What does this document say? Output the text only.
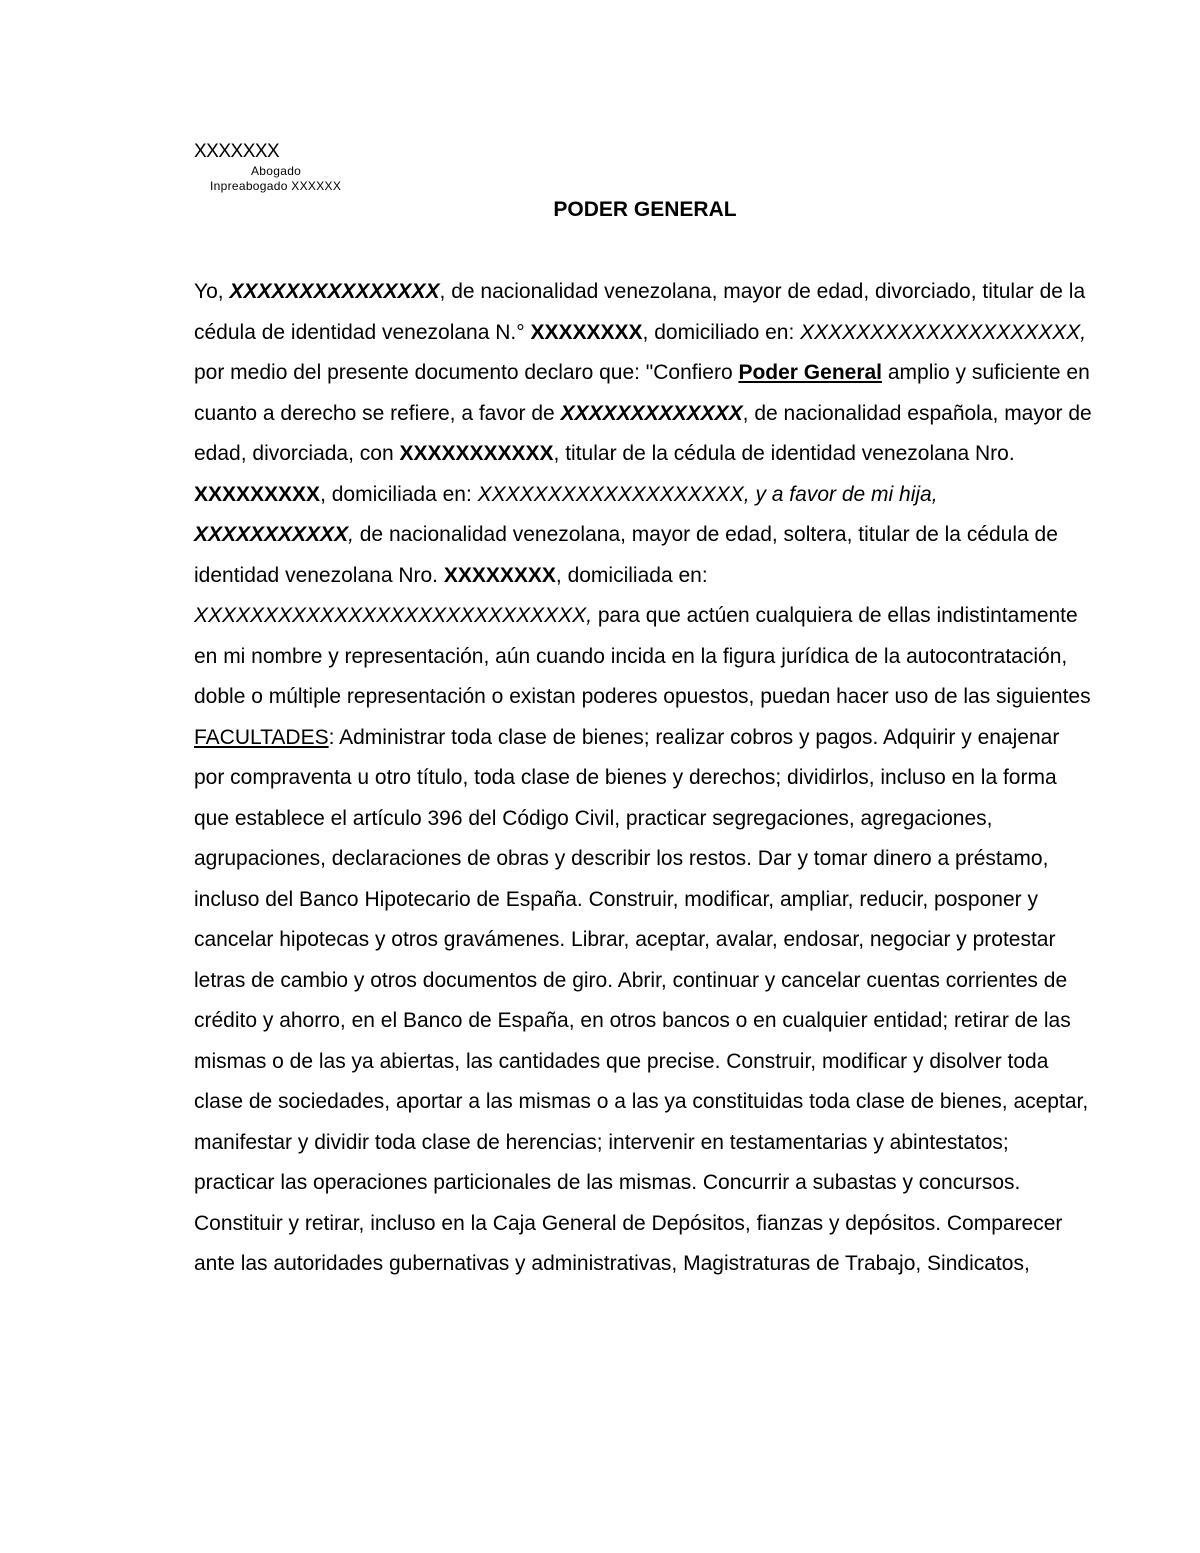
XXXXXXX
Abogado
Inpreabogado XXXXXX
PODER GENERAL

Yo, XXXXXXXXXXXXXXX, de nacionalidad venezolana, mayor de edad, divorciado, titular de la cédula de identidad venezolana N.° XXXXXXXX, domiciliado en: XXXXXXXXXXXXXXXXXXXX, por medio del presente documento declaro que: "Confiero Poder General amplio y suficiente en cuanto a derecho se refiere, a favor de XXXXXXXXXXXXX, de nacionalidad española, mayor de edad, divorciada, con XXXXXXXXXXX, titular de la cédula de identidad venezolana Nro. XXXXXXXXX, domiciliada en: XXXXXXXXXXXXXXXXXXX, y a favor de mi hija, XXXXXXXXXXX, de nacionalidad venezolana, mayor de edad, soltera, titular de la cédula de identidad venezolana Nro. XXXXXXXX, domiciliada en: XXXXXXXXXXXXXXXXXXXXXXXXXXXX, para que actúen cualquiera de ellas indistintamente en mi nombre y representación, aún cuando incida en la figura jurídica de la autocontratación, doble o múltiple representación o existan poderes opuestos, puedan hacer uso de las siguientes FACULTADES: Administrar toda clase de bienes; realizar cobros y pagos. Adquirir y enajenar por compraventa u otro título, toda clase de bienes y derechos; dividirlos, incluso en la forma que establece el artículo 396 del Código Civil, practicar segregaciones, agregaciones, agrupaciones, declaraciones de obras y describir los restos. Dar y tomar dinero a préstamo, incluso del Banco Hipotecario de España. Construir, modificar, ampliar, reducir, posponer y cancelar hipotecas y otros gravámenes. Librar, aceptar, avalar, endosar, negociar y protestar letras de cambio y otros documentos de giro. Abrir, continuar y cancelar cuentas corrientes de crédito y ahorro, en el Banco de España, en otros bancos o en cualquier entidad; retirar de las mismas o de las ya abiertas, las cantidades que precise. Construir, modificar y disolver toda clase de sociedades, aportar a las mismas o a las ya constituidas toda clase de bienes, aceptar, manifestar y dividir toda clase de herencias; intervenir en testamentarias y abintestatos; practicar las operaciones particionales de las mismas. Concurrir a subastas y concursos. Constituir y retirar, incluso en la Caja General de Depósitos, fianzas y depósitos. Comparecer ante las autoridades gubernativas y administrativas, Magistraturas de Trabajo, Sindicatos,
